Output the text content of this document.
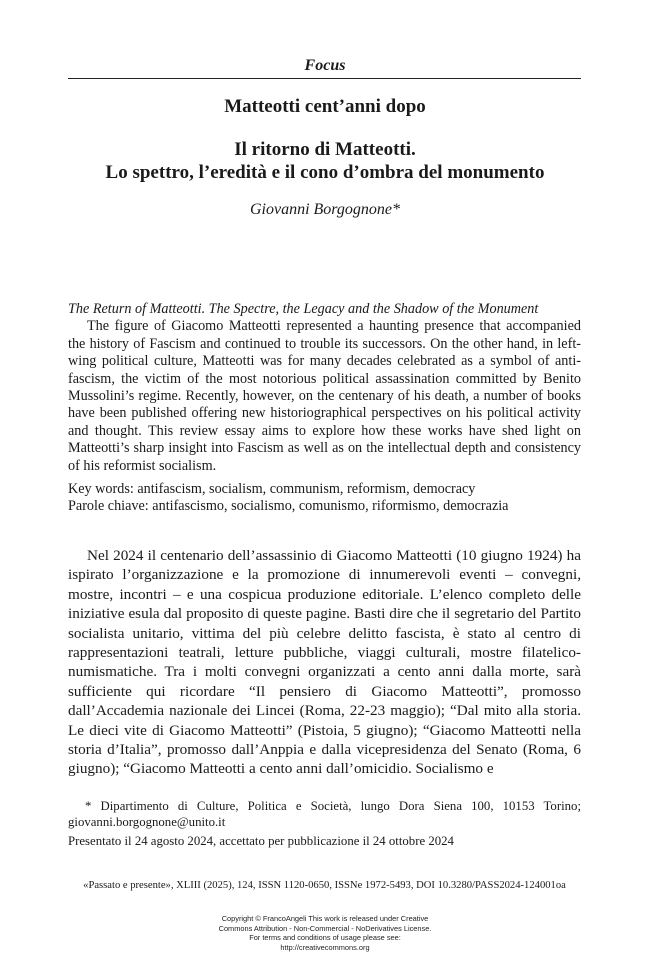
Focus
Matteotti cent’anni dopo
Il ritorno di Matteotti.
Lo spettro, l’eredità e il cono d’ombra del monumento
Giovanni Borgognone*
The Return of Matteotti. The Spectre, the Legacy and the Shadow of the Monument

The figure of Giacomo Matteotti represented a haunting presence that accompanied the history of Fascism and continued to trouble its successors. On the other hand, in left-wing political culture, Matteotti was for many decades celebrated as a symbol of anti-fascism, the victim of the most notorious political assassination committed by Benito Mussolini’s regime. Recently, however, on the centenary of his death, a number of books have been published offering new historiographical perspectives on his political activity and thought. This review essay aims to explore how these works have shed light on Matteotti’s sharp insight into Fascism as well as on the intellectual depth and consistency of his reformist socialism.

Key words: antifascism, socialism, communism, reformism, democracy
Parole chiave: antifascismo, socialismo, comunismo, riformismo, democrazia

Nel 2024 il centenario dell’assassinio di Giacomo Matteotti (10 giugno 1924) ha ispirato l’organizzazione e la promozione di innumerevoli eventi – convegni, mostre, incontri – e una cospicua produzione editoriale. L’elenco completo delle iniziative esula dal proposito di queste pagine. Basti dire che il segretario del Partito socialista unitario, vittima del più celebre delitto fascista, è stato al centro di rappresentazioni teatrali, letture pubbliche, viaggi culturali, mostre filatelico-numismatiche. Tra i molti convegni organizzati a cento anni dalla morte, sarà sufficiente qui ricordare “Il pensiero di Giacomo Matteotti”, promosso dall’Accademia nazionale dei Lincei (Roma, 22-23 maggio); “Dal mito alla storia. Le dieci vite di Giacomo Matteotti” (Pistoia, 5 giugno); “Giacomo Matteotti nella storia d’Italia”, promosso dall’Anppia e dalla vicepresidenza del Senato (Roma, 6 giugno); “Giacomo Matteotti a cento anni dall’omicidio. Socialismo e

* Dipartimento di Culture, Politica e Società, lungo Dora Siena 100, 10153 Torino; giovanni.borgognone@unito.it

Presentato il 24 agosto 2024, accettato per pubblicazione il 24 ottobre 2024
«Passato e presente», XLIII (2025), 124, ISSN 1120-0650, ISSNe 1972-5493, DOI 10.3280/PASS2024-124001oa
Copyright © FrancoAngeli This work is released under Creative
Commons Attribution - Non-Commercial - NoDerivatives License.
For terms and conditions of usage please see:
http://creativecommons.org
